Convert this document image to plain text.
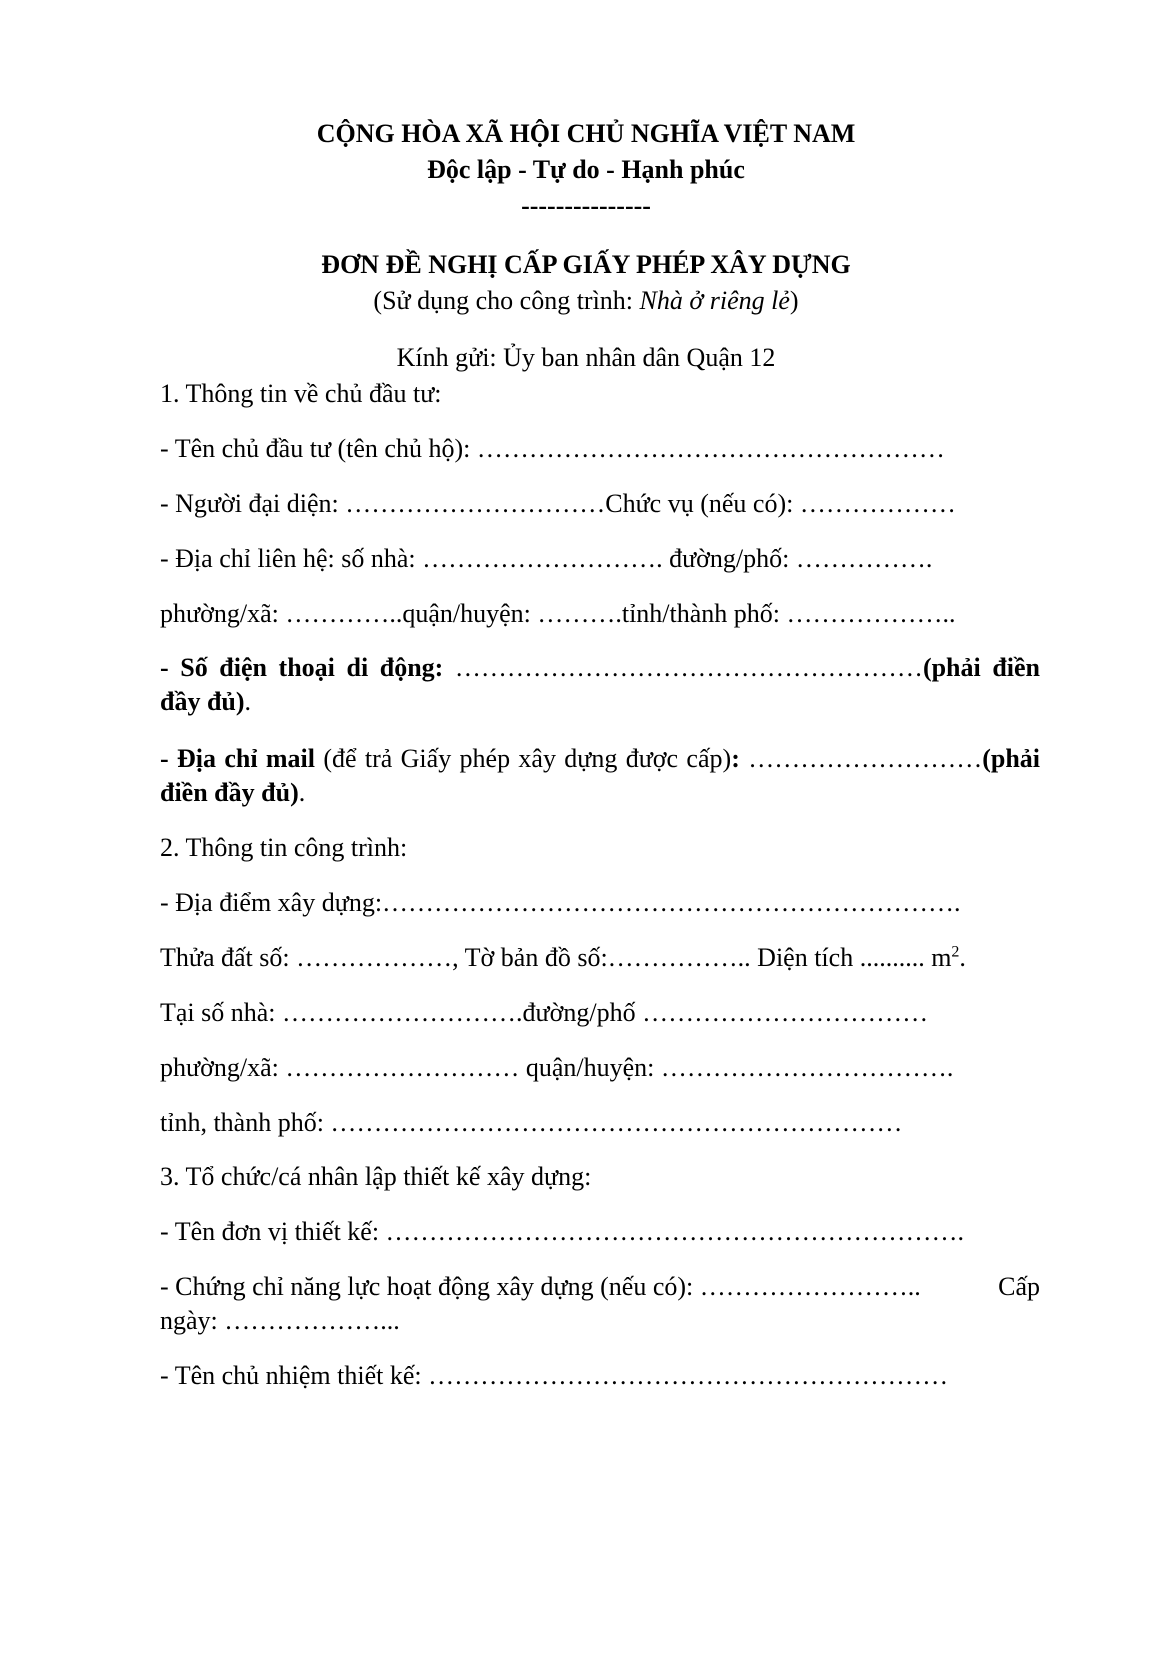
CỘNG HÒA XÃ HỘI CHỦ NGHĨA VIỆT NAM
Độc lập - Tự do - Hạnh phúc
---------------
ĐƠN ĐỀ NGHỊ CẤP GIẤY PHÉP XÂY DỰNG
(Sử dụng cho công trình: Nhà ở riêng lẻ)
Kính gửi: Ủy ban nhân dân Quận 12
1. Thông tin về chủ đầu tư:
- Tên chủ đầu tư (tên chủ hộ): ………………………………………………
- Người đại diện: …………………………Chức vụ (nếu có): ………………
- Địa chỉ liên hệ: số nhà: ………………………. đường/phố: …………….
phường/xã: …………..quận/huyện: ……….tỉnh/thành phố: ………………..
- Số điện thoại di động: ………………………………………………(phải điền đầy đủ).
- Địa chỉ mail (để trả Giấy phép xây dựng được cấp): ………………………(phải điền đầy đủ).
2. Thông tin công trình:
- Địa điểm xây dựng:………………………………………………………….
Thửa đất số: ………………, Tờ bản đồ số:…………….. Diện tích .......... $m^2$.
Tại số nhà: ……………………….đường/phố ……………………………
phường/xã: ……………………… quận/huyện: …………………………….
tỉnh, thành phố: …………………………………………………………
3. Tổ chức/cá nhân lập thiết kế xây dựng:
- Tên đơn vị thiết kế: ………………………………………………………….
- Chứng chỉ năng lực hoạt động xây dựng (nếu có): ……………………..	Cấp
ngày: ………………...
- Tên chủ nhiệm thiết kế: ……………………………………………………
